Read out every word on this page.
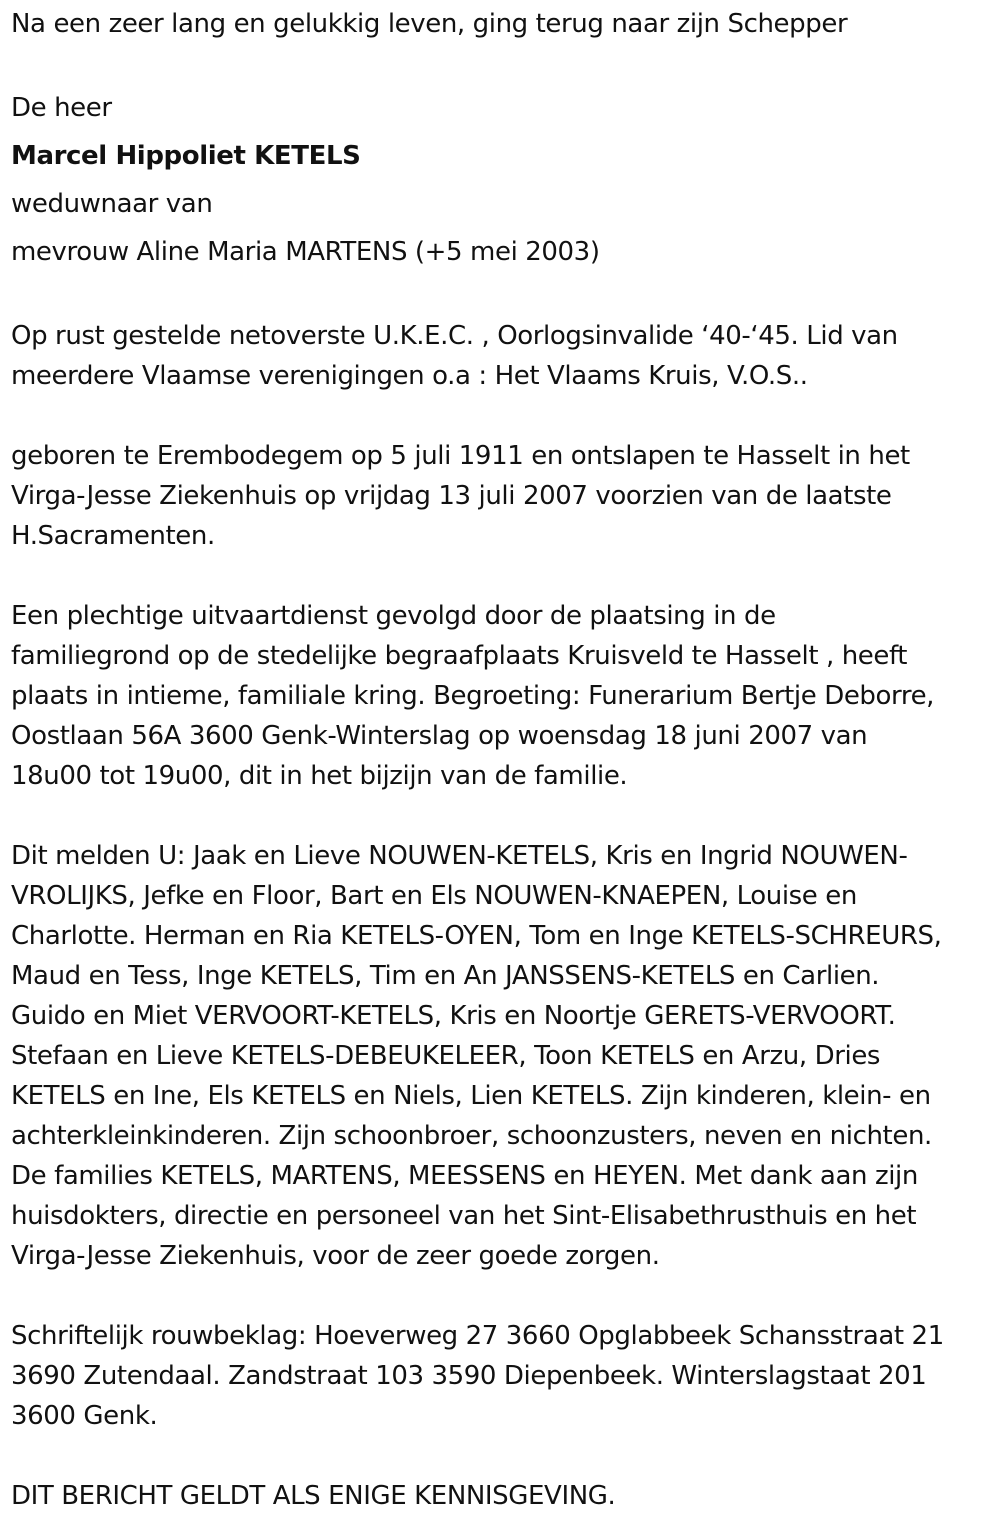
Na een zeer lang en gelukkig leven, ging terug naar zijn Schepper

De heer

Marcel Hippoliet KETELS

weduwnaar van

mevrouw Aline Maria MARTENS (+5 mei 2003)

Op rust gestelde netoverste U.K.E.C. , Oorlogsinvalide ‘40-‘45. Lid van

meerdere Vlaamse verenigingen o.a : Het Vlaams Kruis, V.O.S..

geboren te Erembodegem op 5 juli 1911 en ontslapen te Hasselt in het

Virga-Jesse Ziekenhuis op vrijdag 13 juli 2007 voorzien van de laatste

H.Sacramenten.

Een plechtige uitvaartdienst gevolgd door de plaatsing in de

familiegrond op de stedelijke begraafplaats Kruisveld te Hasselt , heeft

plaats in intieme, familiale kring. Begroeting: Funerarium Bertje Deborre,

Oostlaan 56A 3600 Genk-Winterslag op woensdag 18 juni 2007 van

18u00 tot 19u00, dit in het bijzijn van de familie.

Dit melden U: Jaak en Lieve NOUWEN-KETELS, Kris en Ingrid NOUWEN-

VROLIJKS, Jefke en Floor, Bart en Els NOUWEN-KNAEPEN, Louise en

Charlotte. Herman en Ria KETELS-OYEN, Tom en Inge KETELS-SCHREURS,

Maud en Tess, Inge KETELS, Tim en An JANSSENS-KETELS en Carlien.

Guido en Miet VERVOORT-KETELS, Kris en Noortje GERETS-VERVOORT.

Stefaan en Lieve KETELS-DEBEUKELEER, Toon KETELS en Arzu, Dries

KETELS en Ine, Els KETELS en Niels, Lien KETELS. Zijn kinderen, klein- en

achterkleinkinderen. Zijn schoonbroer, schoonzusters, neven en nichten.

De families KETELS, MARTENS, MEESSENS en HEYEN. Met dank aan zijn

huisdokters, directie en personeel van het Sint-Elisabethrusthuis en het

Virga-Jesse Ziekenhuis, voor de zeer goede zorgen.

Schriftelijk rouwbeklag: Hoeverweg 27 3660 Opglabbeek Schansstraat 21

3690 Zutendaal. Zandstraat 103 3590 Diepenbeek. Winterslagstaat 201

3600 Genk.

DIT BERICHT GELDT ALS ENIGE KENNISGEVING.
